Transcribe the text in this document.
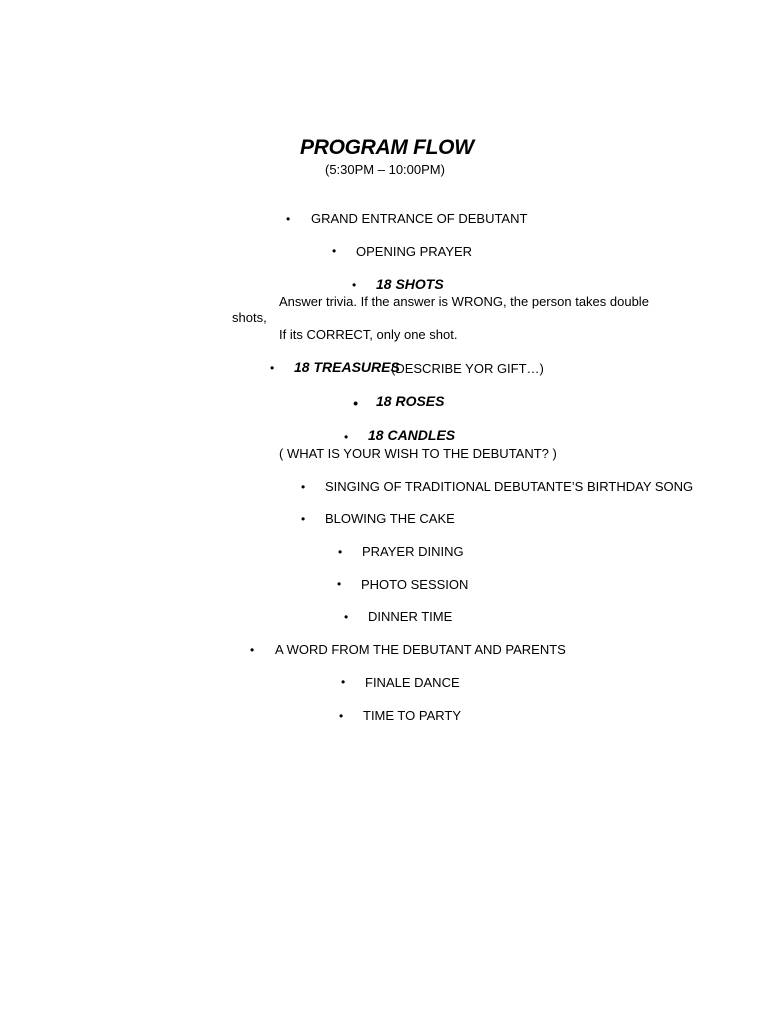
PROGRAM FLOW
(5:30PM – 10:00PM)
• GRAND ENTRANCE OF DEBUTANT
• OPENING PRAYER
• 18 SHOTS
Answer trivia. If the answer is WRONG, the person takes double
shots,
If its CORRECT, only one shot.
• 18 TREASURES
(DESCRIBE YOR GIFT…)
• 18 ROSES
• 18 CANDLES
( WHAT IS YOUR WISH TO THE DEBUTANT? )
• SINGING OF TRADITIONAL DEBUTANTE’S BIRTHDAY SONG
• BLOWING THE CAKE
• PRAYER DINING
• PHOTO SESSION
• DINNER TIME
• A WORD FROM THE DEBUTANT AND PARENTS
• FINALE DANCE
• TIME TO PARTY
